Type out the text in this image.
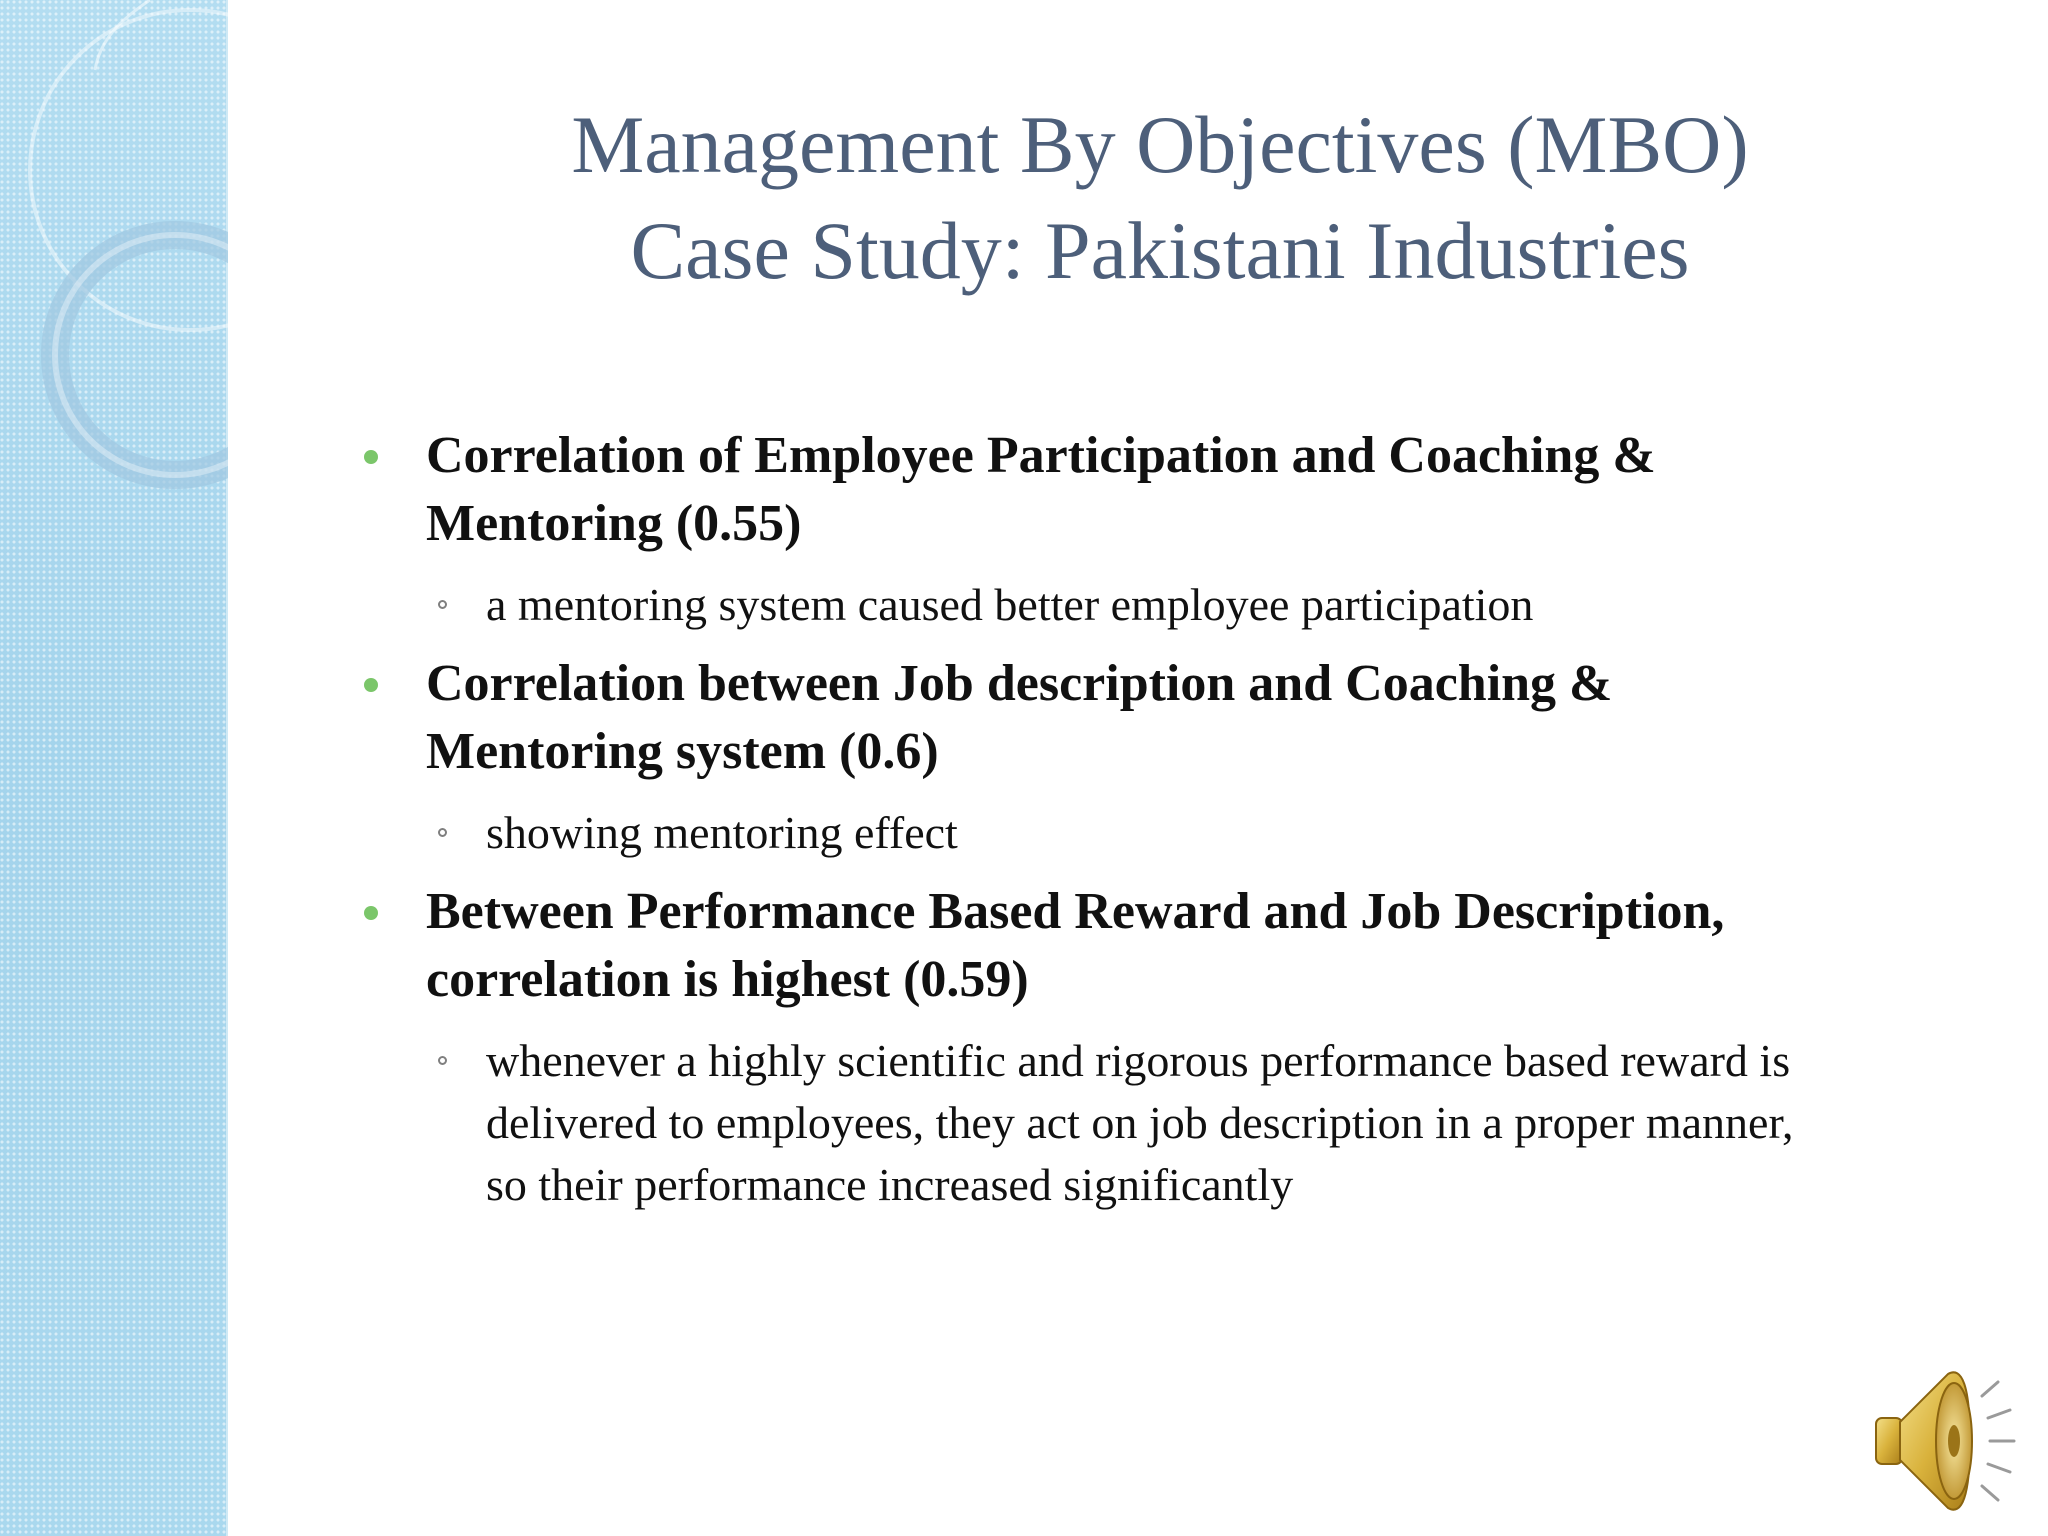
Management By Objectives (MBO)
Case Study: Pakistani Industries
Correlation of Employee Participation and Coaching &
Mentoring (0.55)
a mentoring system caused better employee participation
Correlation between Job description and Coaching &
Mentoring system (0.6)
showing mentoring effect
Between Performance Based Reward and Job Description,
correlation is highest (0.59)
whenever a highly scientific and rigorous performance based reward is
delivered to employees, they act on job description in a proper manner,
so their performance increased significantly
